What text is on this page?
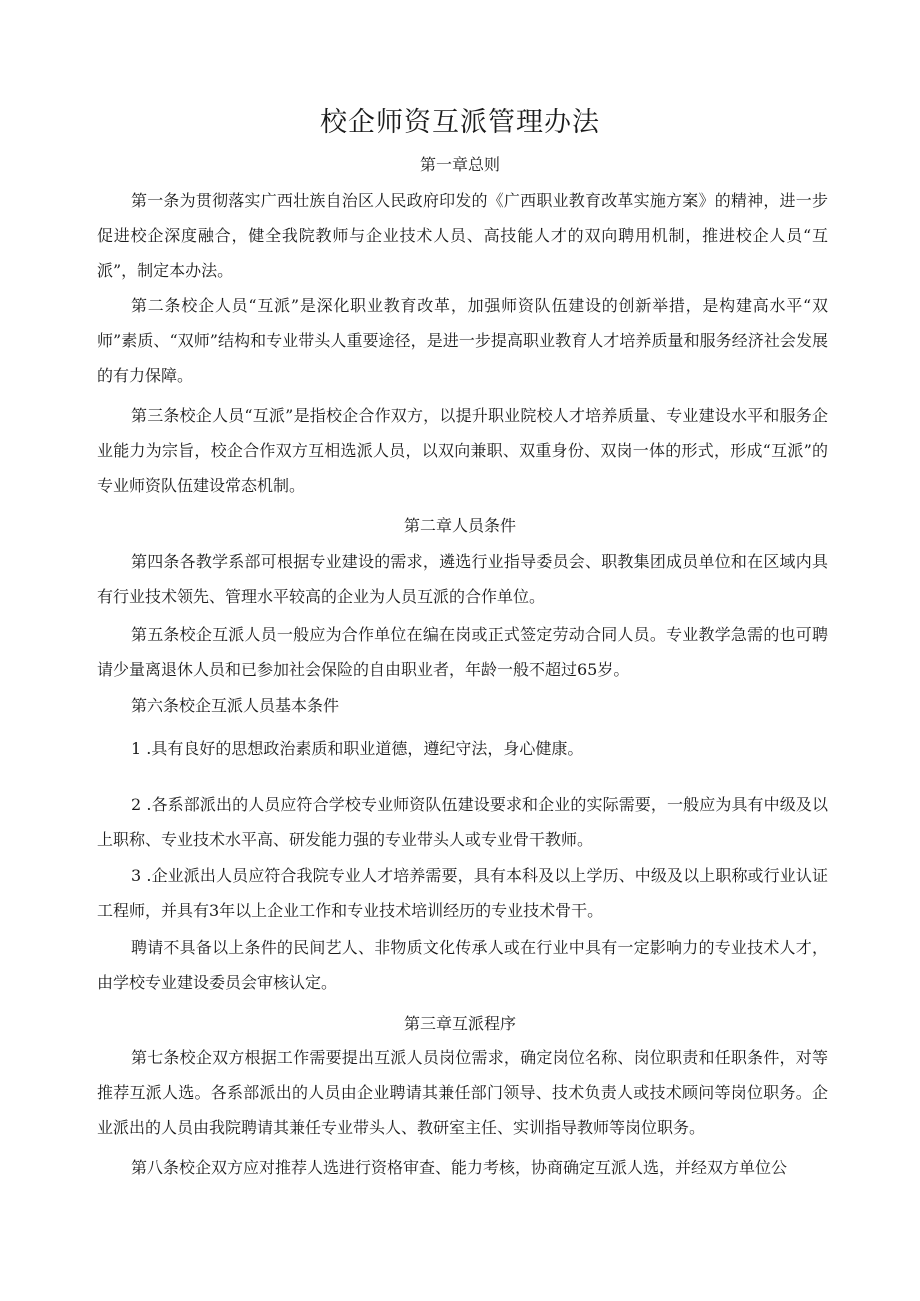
校企师资互派管理办法
第一章总则

第一条为贯彻落实广西壮族自治区人民政府印发的《广西职业教育改革实施方案》的精神，进一步促进校企深度融合，健全我院教师与企业技术人员、高技能人才的双向聘用机制，推进校企人员“互派”，制定本办法。

第二条校企人员“互派”是深化职业教育改革，加强师资队伍建设的创新举措，是构建高水平“双师”素质、“双师”结构和专业带头人重要途径，是进一步提高职业教育人才培养质量和服务经济社会发展的有力保障。

第三条校企人员“互派”是指校企合作双方，以提升职业院校人才培养质量、专业建设水平和服务企业能力为宗旨，校企合作双方互相选派人员，以双向兼职、双重身份、双岗一体的形式，形成“互派”的专业师资队伍建设常态机制。

第二章人员条件

第四条各教学系部可根据专业建设的需求，遴选行业指导委员会、职教集团成员单位和在区域内具有行业技术领先、管理水平较高的企业为人员互派的合作单位。

第五条校企互派人员一般应为合作单位在编在岗或正式签定劳动合同人员。专业教学急需的也可聘请少量离退休人员和已参加社会保险的自由职业者，年龄一般不超过65岁。

第六条校企互派人员基本条件

1 .具有良好的思想政治素质和职业道德，遵纪守法，身心健康。

2 .各系部派出的人员应符合学校专业师资队伍建设要求和企业的实际需要，一般应为具有中级及以上职称、专业技术水平高、研发能力强的专业带头人或专业骨干教师。

3 .企业派出人员应符合我院专业人才培养需要，具有本科及以上学历、中级及以上职称或行业认证工程师，并具有3年以上企业工作和专业技术培训经历的专业技术骨干。

聘请不具备以上条件的民间艺人、非物质文化传承人或在行业中具有一定影响力的专业技术人才，由学校专业建设委员会审核认定。

第三章互派程序

第七条校企双方根据工作需要提出互派人员岗位需求，确定岗位名称、岗位职责和任职条件，对等推荐互派人选。各系部派出的人员由企业聘请其兼任部门领导、技术负责人或技术顾问等岗位职务。企业派出的人员由我院聘请其兼任专业带头人、教研室主任、实训指导教师等岗位职务。

第八条校企双方应对推荐人选进行资格审查、能力考核，协商确定互派人选，并经双方单位公
